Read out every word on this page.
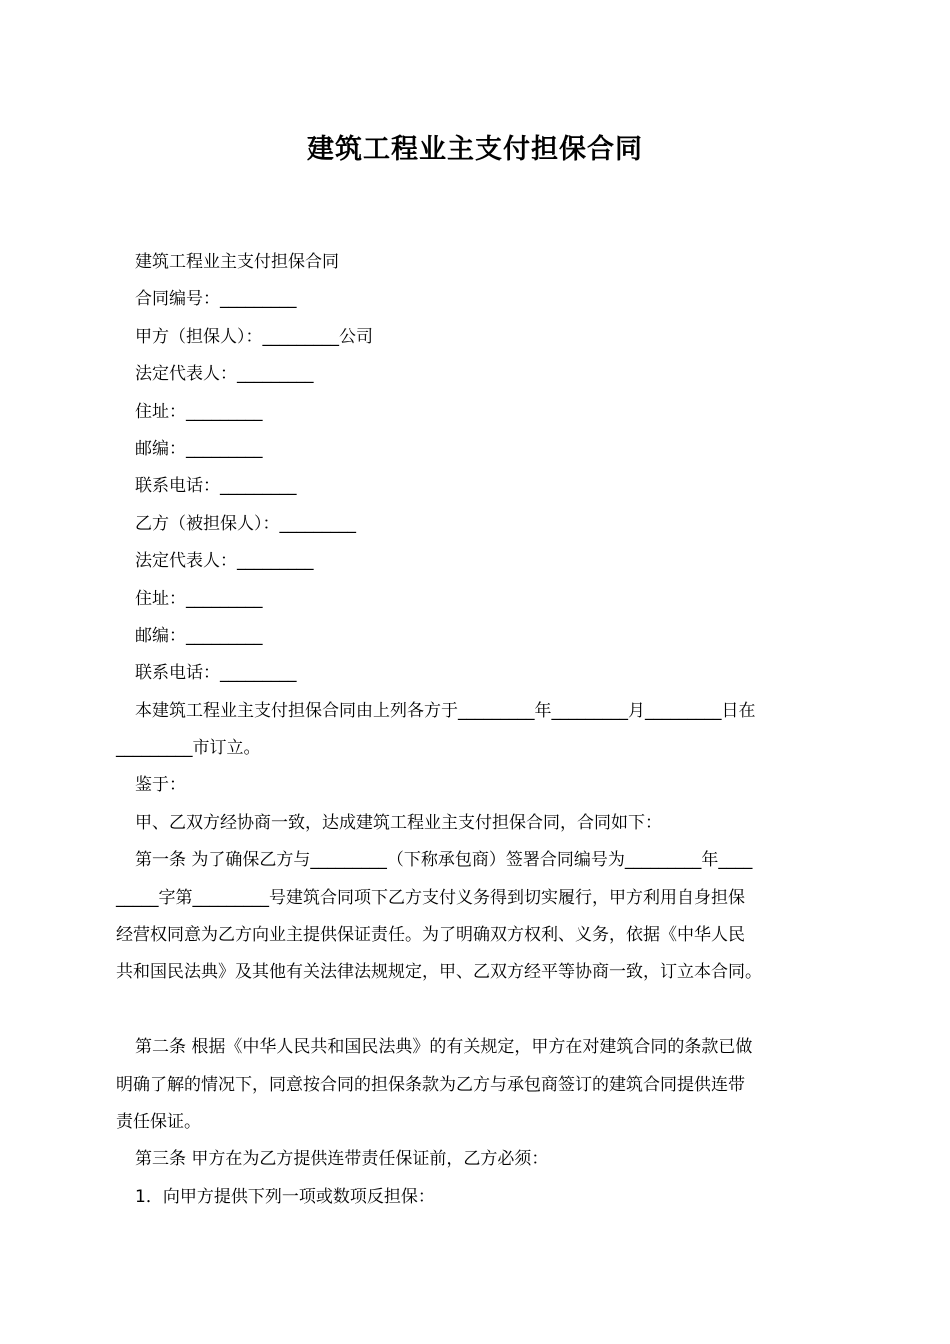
建筑工程业主支付担保合同
建筑工程业主支付担保合同
合同编号：_________
甲方（担保人）：_________公司
法定代表人：_________
住址：_________
邮编：_________
联系电话：_________
乙方（被担保人）：_________
法定代表人：_________
住址：_________
邮编：_________
联系电话：_________
本建筑工程业主支付担保合同由上列各方于_________年_________月_________日在
_________市订立。
鉴于：
甲、乙双方经协商一致，达成建筑工程业主支付担保合同，合同如下：
第一条 为了确保乙方与_________（下称承包商）签署合同编号为_________年____
_____字第_________号建筑合同项下乙方支付义务得到切实履行，甲方利用自身担保
经营权同意为乙方向业主提供保证责任。为了明确双方权利、义务，依据《中华人民
共和国民法典》及其他有关法律法规规定，甲、乙双方经平等协商一致，订立本合同。
第二条 根据《中华人民共和国民法典》的有关规定，甲方在对建筑合同的条款已做
明确了解的情况下，同意按合同的担保条款为乙方与承包商签订的建筑合同提供连带
责任保证。
第三条 甲方在为乙方提供连带责任保证前，乙方必须：
1．向甲方提供下列一项或数项反担保：
